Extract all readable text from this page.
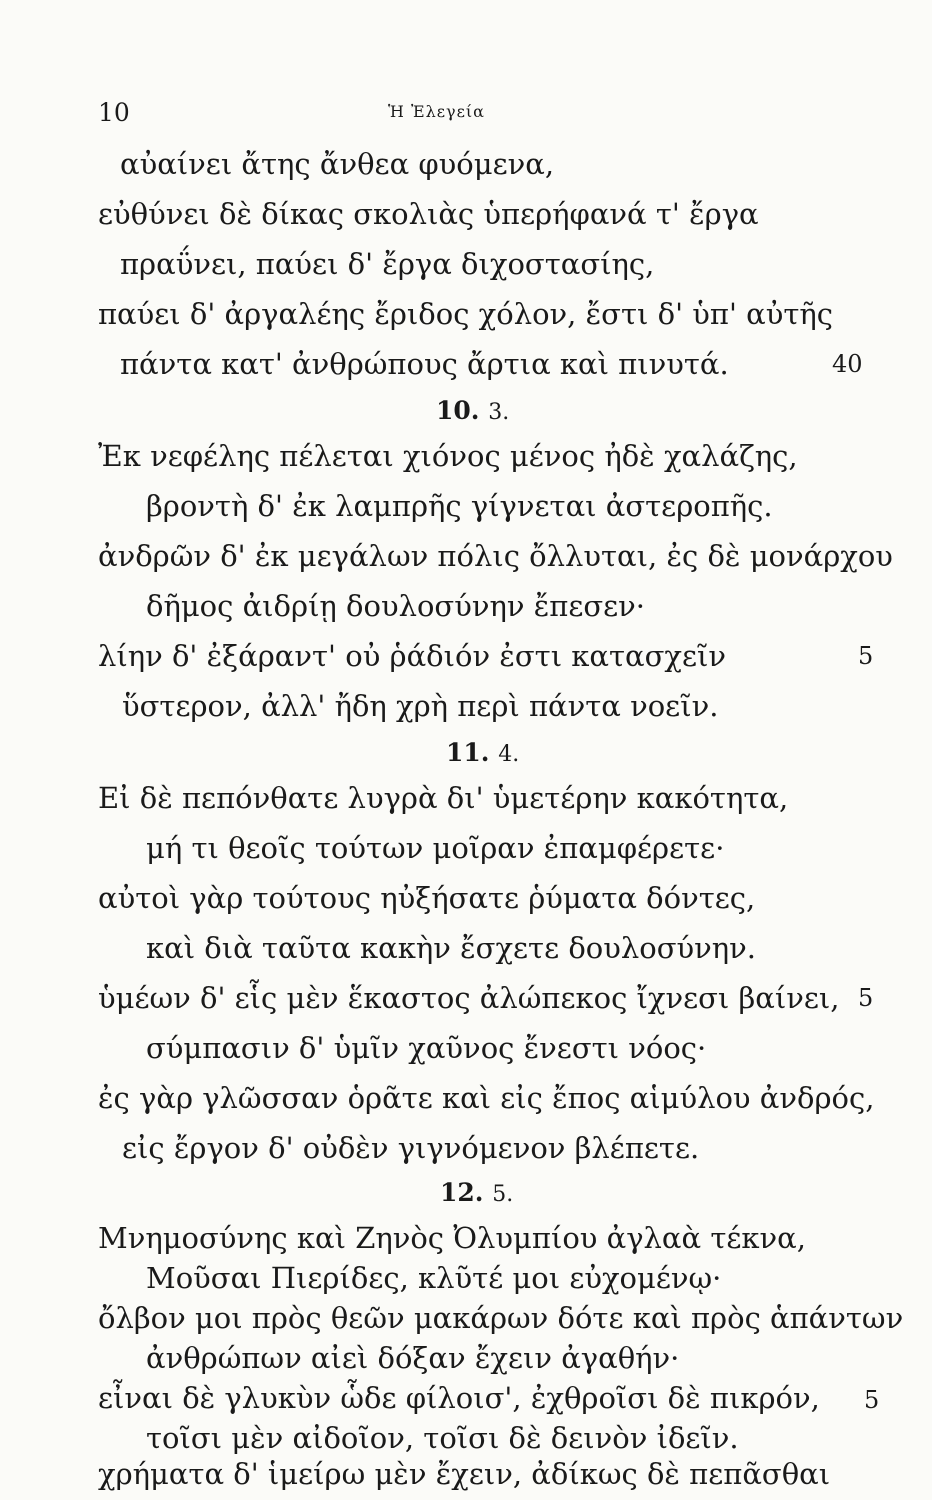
10	Ἡ Ἐλεγεία
αὐαίνει ἄτης ἄνθεα φυόμενα,
εὐθύνει δὲ δίκας σκολιὰς ὑπερήφανά τ' ἔργα
πραΰνει, παύει δ' ἔργα διχοστασίης,
παύει δ' ἀργαλέης ἔριδος χόλον, ἔστι δ' ὑπ' αὐτῆς
πάντα κατ' ἀνθρώπους ἄρτια καὶ πινυτά.	40
10. 3.
Ἐκ νεφέλης πέλεται χιόνος μένος ἠδὲ χαλάζης,
βροντὴ δ' ἐκ λαμπρῆς γίγνεται ἀστεροπῆς.
ἀνδρῶν δ' ἐκ μεγάλων πόλις ὄλλυται, ἐς δὲ μονάρχου
δῆμος ἀιδρίῃ δουλοσύνην ἔπεσεν·
λίην δ' ἐξάραντ' οὐ ῥάδιόν ἐστι κατασχεῖν	5
ὕστερον, ἀλλ' ἤδη χρὴ περὶ πάντα νοεῖν.
11. 4.
Εἰ δὲ πεπόνθατε λυγρὰ δι' ὑμετέρην κακότητα,
μή τι θεοῖς τούτων μοῖραν ἐπαμφέρετε·
αὐτοὶ γὰρ τούτους ηὐξήσατε ῥύματα δόντες,
καὶ διὰ ταῦτα κακὴν ἔσχετε δουλοσύνην.
ὑμέων δ' εἷς μὲν ἕκαστος ἀλώπεκος ἴχνεσι βαίνει, 5
σύμπασιν δ' ὑμῖν χαῦνος ἔνεστι νόος·
ἐς γὰρ γλῶσσαν ὁρᾶτε καὶ εἰς ἔπος αἱμύλου ἀνδρός,
εἰς ἔργον δ' οὐδὲν γιγνόμενον βλέπετε.
12. 5.
Μνημοσύνης καὶ Ζηνὸς Ὀλυμπίου ἀγλαὰ τέκνα,
Μοῦσαι Πιερίδες, κλῦτέ μοι εὐχομένῳ·
ὄλβον μοι πρὸς θεῶν μακάρων δότε καὶ πρὸς ἁπάντων
ἀνθρώπων αἰεὶ δόξαν ἔχειν ἀγαθήν·
εἶναι δὲ γλυκὺν ὧδε φίλοισ', ἐχθροῖσι δὲ πικρόν, 5
τοῖσι μὲν αἰδοῖον, τοῖσι δὲ δεινὸν ἰδεῖν.
χρήματα δ' ἱμείρω μὲν ἔχειν, ἀδίκως δὲ πεπᾶσθαι
